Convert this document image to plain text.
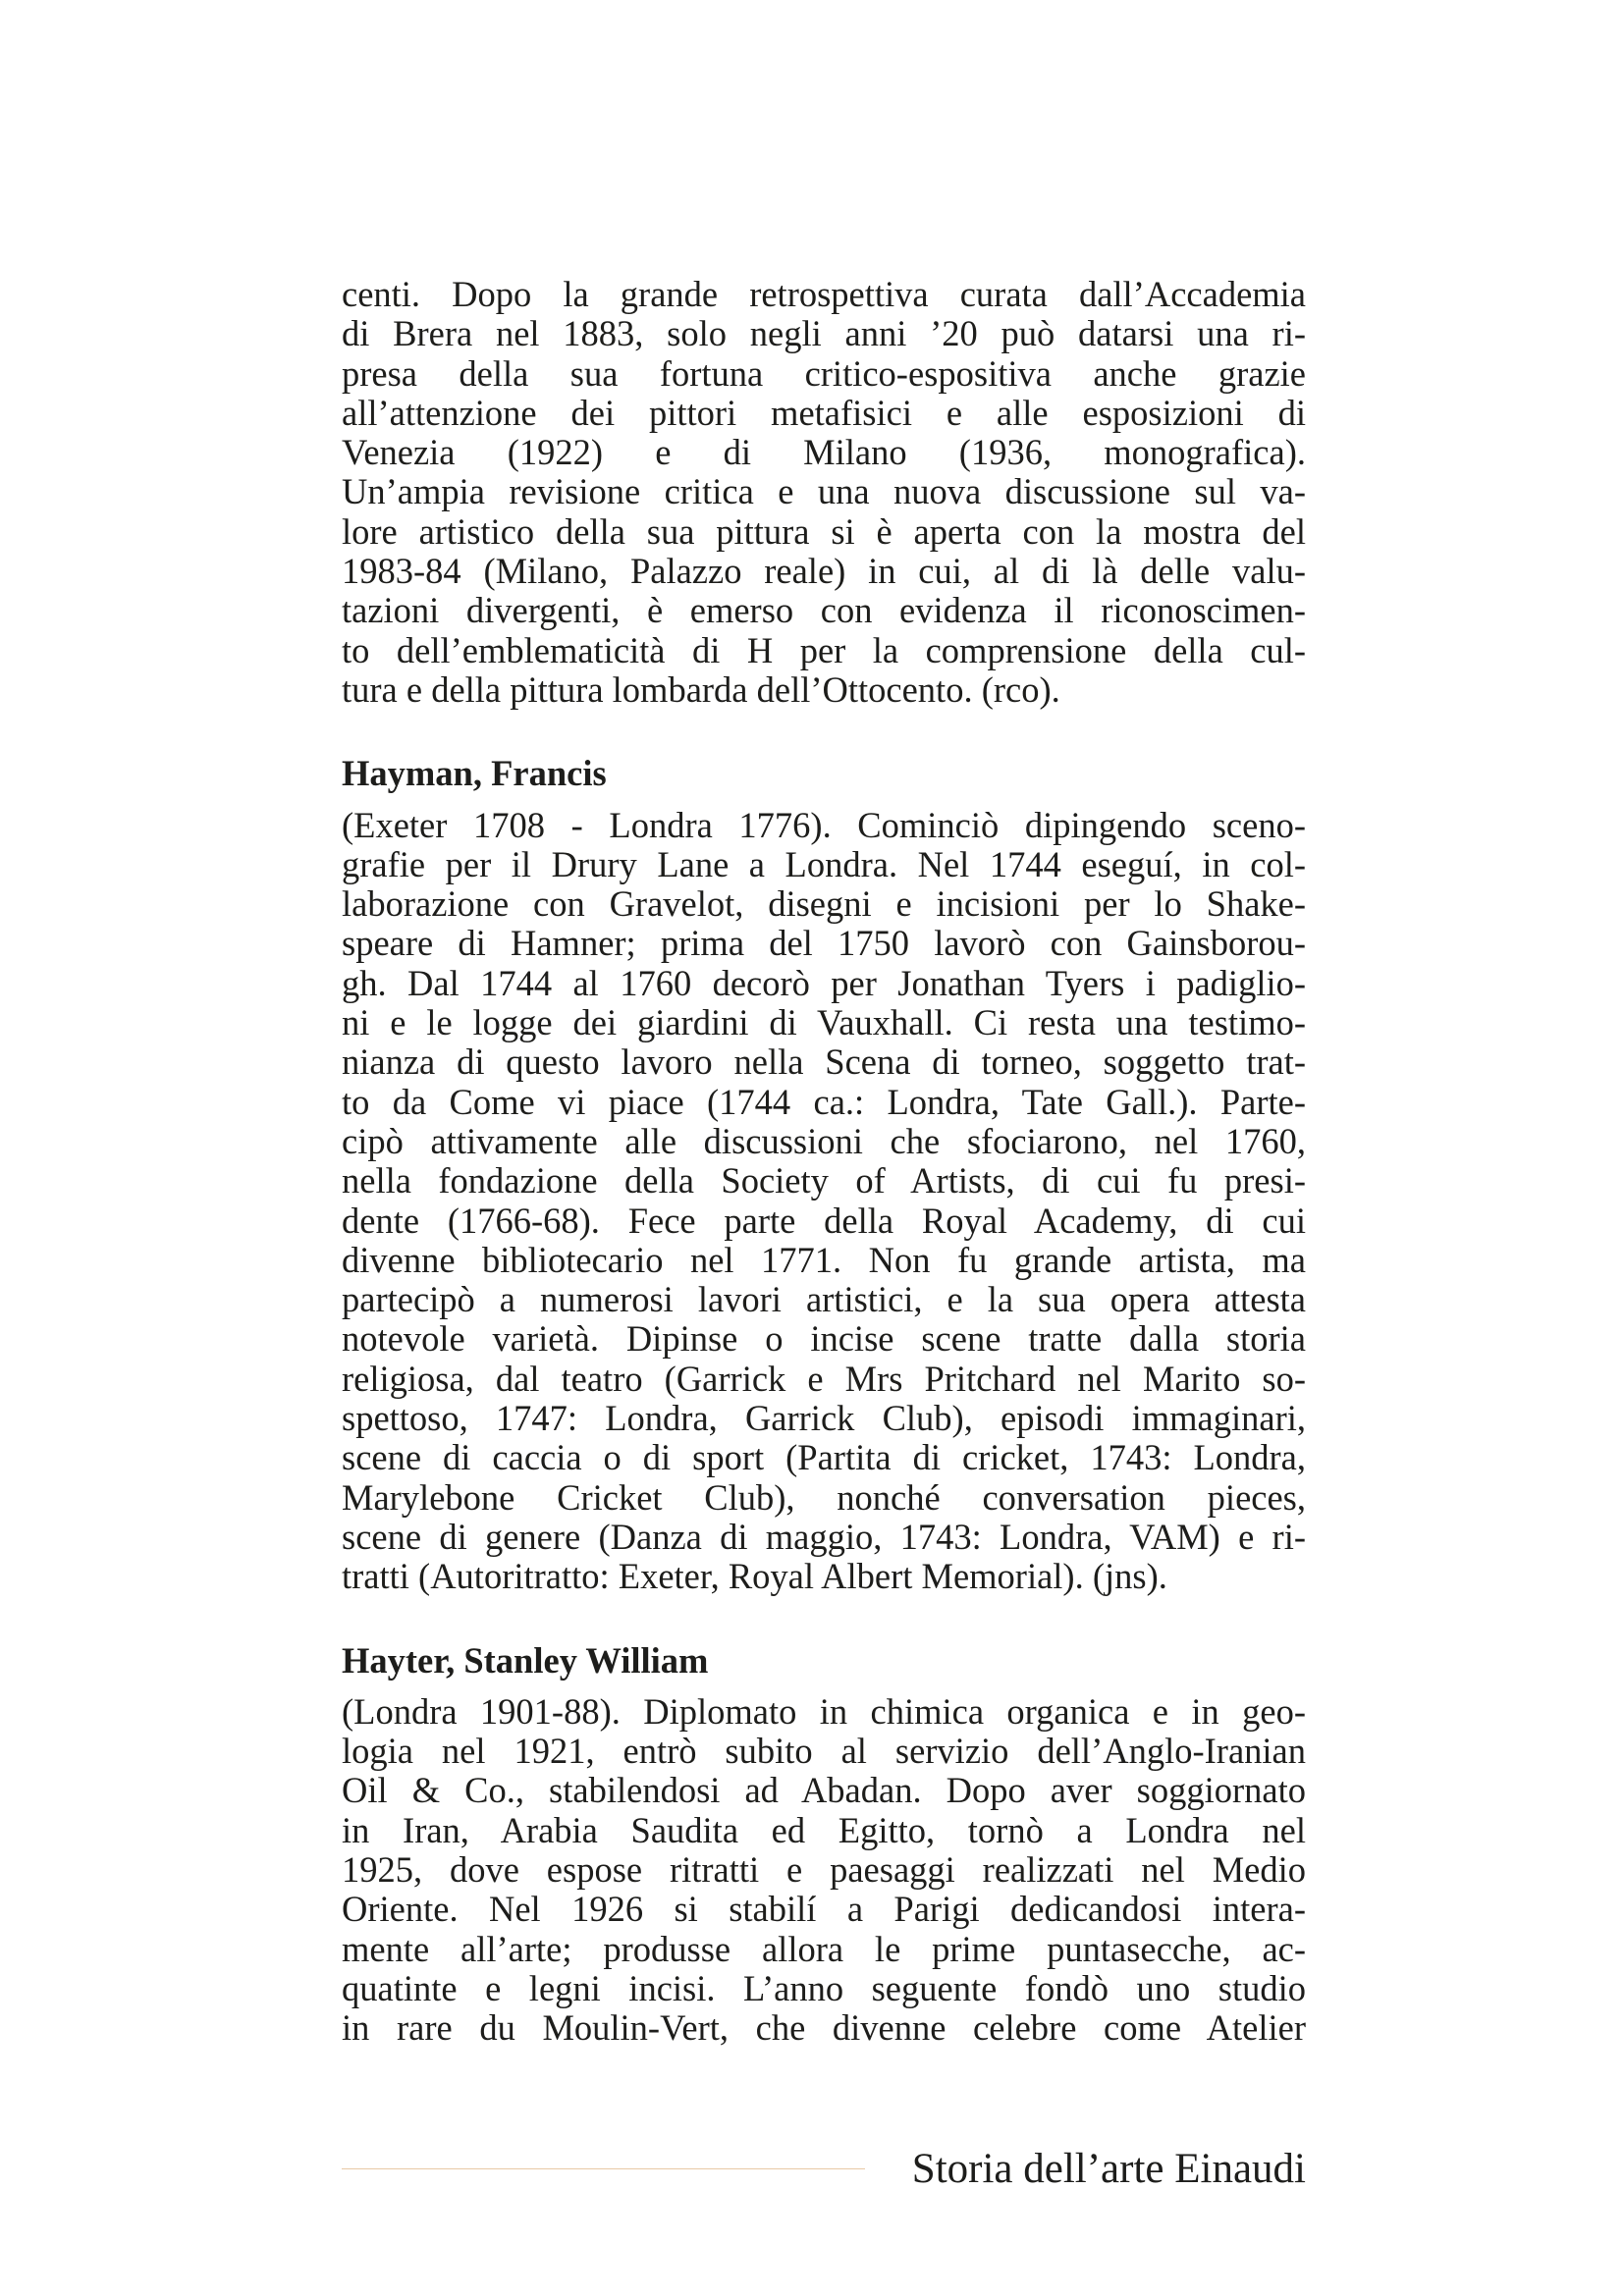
centi. Dopo la grande retrospettiva curata dall’Accademia
di Brera nel 1883, solo negli anni ’20 può datarsi una ri-
presa della sua fortuna critico-espositiva anche grazie
all’attenzione dei pittori metafisici e alle esposizioni di
Venezia (1922) e di Milano (1936, monografica).
Un’ampia revisione critica e una nuova discussione sul va-
lore artistico della sua pittura si è aperta con la mostra del
1983-84 (Milano, Palazzo reale) in cui, al di là delle valu-
tazioni divergenti, è emerso con evidenza il riconoscimen-
to dell’emblematicità di H per la comprensione della cul-
tura e della pittura lombarda dell’Ottocento. (rco).
Hayman, Francis
(Exeter 1708 - Londra 1776). Cominciò dipingendo sceno-
grafie per il Drury Lane a Londra. Nel 1744 eseguí, in col-
laborazione con Gravelot, disegni e incisioni per lo Shake-
speare di Hamner; prima del 1750 lavorò con Gainsborou-
gh. Dal 1744 al 1760 decorò per Jonathan Tyers i padiglio-
ni e le logge dei giardini di Vauxhall. Ci resta una testimo-
nianza di questo lavoro nella Scena di torneo, soggetto trat-
to da Come vi piace (1744 ca.: Londra, Tate Gall.). Parte-
cipò attivamente alle discussioni che sfociarono, nel 1760,
nella fondazione della Society of Artists, di cui fu presi-
dente (1766-68). Fece parte della Royal Academy, di cui
divenne bibliotecario nel 1771. Non fu grande artista, ma
partecipò a numerosi lavori artistici, e la sua opera attesta
notevole varietà. Dipinse o incise scene tratte dalla storia
religiosa, dal teatro (Garrick e Mrs Pritchard nel Marito so-
spettoso, 1747: Londra, Garrick Club), episodi immaginari,
scene di caccia o di sport (Partita di cricket, 1743: Londra,
Marylebone Cricket Club), nonché conversation pieces,
scene di genere (Danza di maggio, 1743: Londra, VAM) e ri-
tratti (Autoritratto: Exeter, Royal Albert Memorial). (jns).
Hayter, Stanley William
(Londra 1901-88). Diplomato in chimica organica e in geo-
logia nel 1921, entrò subito al servizio dell’Anglo-Iranian
Oil & Co., stabilendosi ad Abadan. Dopo aver soggiornato
in Iran, Arabia Saudita ed Egitto, tornò a Londra nel
1925, dove espose ritratti e paesaggi realizzati nel Medio
Oriente. Nel 1926 si stabilí a Parigi dedicandosi intera-
mente all’arte; produsse allora le prime puntasecche, ac-
quatinte e legni incisi. L’anno seguente fondò uno studio
in rare du Moulin-Vert, che divenne celebre come Atelier
Storia dell’arte Einaudi
